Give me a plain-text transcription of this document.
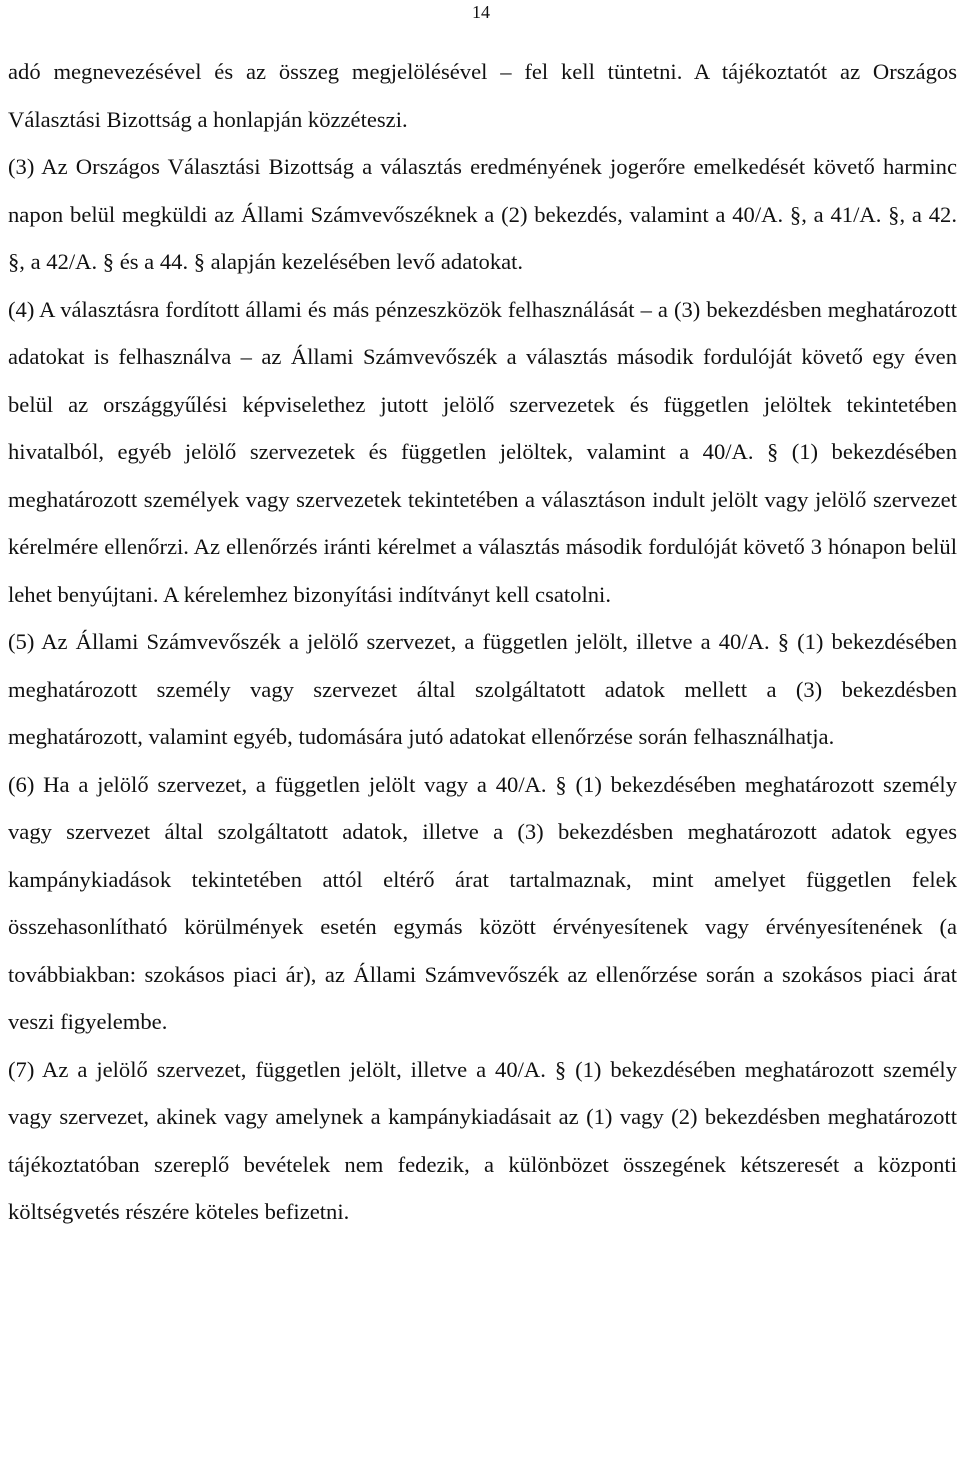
14

adó megnevezésével és az összeg megjelölésével – fel kell tüntetni. A tájékoztatót az Országos Választási Bizottság a honlapján közzéteszi.

(3) Az Országos Választási Bizottság a választás eredményének jogerőre emelkedését követő harminc napon belül megküldi az Állami Számvevőszéknek a (2) bekezdés, valamint a 40/A. §, a 41/A. §, a 42. §, a 42/A. § és a 44. § alapján kezelésében levő adatokat.

(4) A választásra fordított állami és más pénzeszközök felhasználását – a (3) bekezdésben meghatározott adatokat is felhasználva – az Állami Számvevőszék a választás második fordulóját követő egy éven belül az országgyűlési képviselethez jutott jelölő szervezetek és független jelöltek tekintetében hivatalból, egyéb jelölő szervezetek és független jelöltek, valamint a 40/A. § (1) bekezdésében meghatározott személyek vagy szervezetek tekintetében a választáson indult jelölt vagy jelölő szervezet kérelmére ellenőrzi. Az ellenőrzés iránti kérelmet a választás második fordulóját követő 3 hónapon belül lehet benyújtani. A kérelemhez bizonyítási indítványt kell csatolni.

(5) Az Állami Számvevőszék a jelölő szervezet, a független jelölt, illetve a 40/A. § (1) bekezdésében meghatározott személy vagy szervezet által szolgáltatott adatok mellett a (3) bekezdésben meghatározott, valamint egyéb, tudomására jutó adatokat ellenőrzése során felhasználhatja.

(6) Ha a jelölő szervezet, a független jelölt vagy a 40/A. § (1) bekezdésében meghatározott személy vagy szervezet által szolgáltatott adatok, illetve a (3) bekezdésben meghatározott adatok egyes kampánykiadások tekintetében attól eltérő árat tartalmaznak, mint amelyet független felek összehasonlítható körülmények esetén egymás között érvényesítenek vagy érvényesítenének (a továbbiakban: szokásos piaci ár), az Állami Számvevőszék az ellenőrzése során a szokásos piaci árat veszi figyelembe.

(7) Az a jelölő szervezet, független jelölt, illetve a 40/A. § (1) bekezdésében meghatározott személy vagy szervezet, akinek vagy amelynek a kampánykiadásait az (1) vagy (2) bekezdésben meghatározott tájékoztatóban szereplő bevételek nem fedezik, a különbözet összegének kétszeresét a központi költségvetés részére köteles befizetni.
